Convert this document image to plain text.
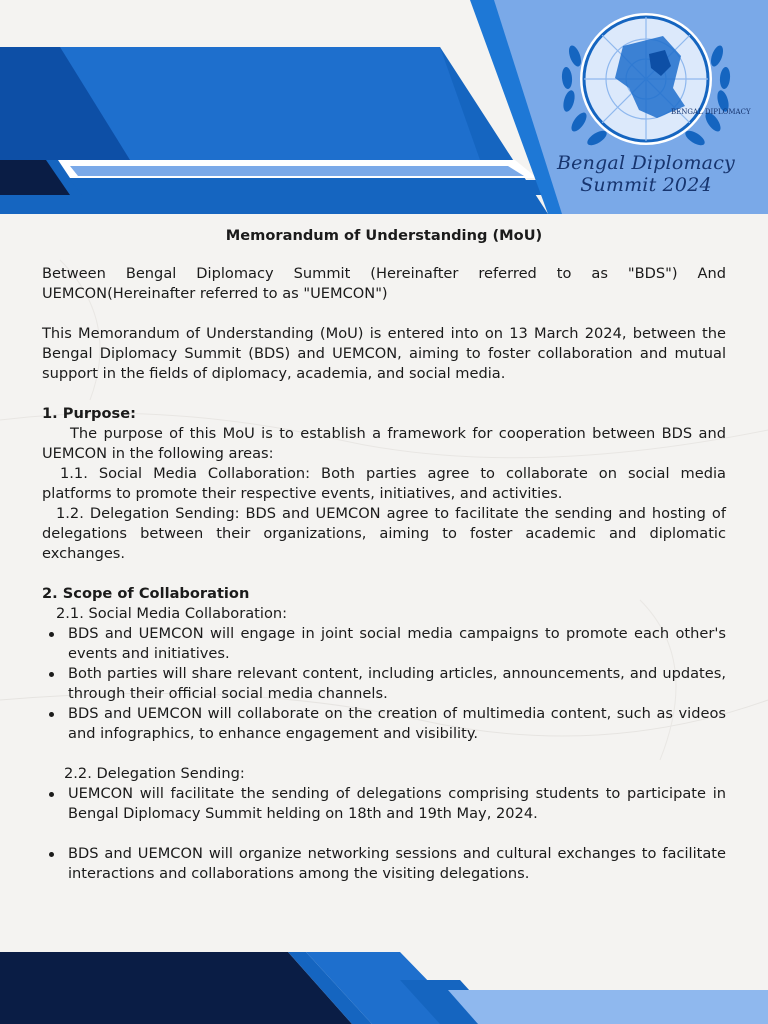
BENGAL DIPLOMACY
Bengal Diplomacy
Summit 2024

Memorandum of Understanding (MoU)

Between Bengal Diplomacy Summit (Hereinafter referred to as "BDS") And UEMCON(Hereinafter referred to as "UEMCON")

This Memorandum of Understanding (MoU) is entered into on 13 March 2024, between the Bengal Diplomacy Summit (BDS) and UEMCON, aiming to foster collaboration and mutual support in the fields of diplomacy, academia, and social media.

1. Purpose:

The purpose of this MoU is to establish a framework for cooperation between BDS and UEMCON in the following areas:

1.1. Social Media Collaboration: Both parties agree to collaborate on social media platforms to promote their respective events, initiatives, and activities.

1.2. Delegation Sending: BDS and UEMCON agree to facilitate the sending and hosting of delegations between their organizations, aiming to foster academic and diplomatic exchanges.

2. Scope of Collaboration

2.1. Social Media Collaboration:

BDS and UEMCON will engage in joint social media campaigns to promote each other's events and initiatives.
Both parties will share relevant content, including articles, announcements, and updates, through their official social media channels.
BDS and UEMCON will collaborate on the creation of multimedia content, such as videos and infographics, to enhance engagement and visibility.

2.2. Delegation Sending:

UEMCON will facilitate the sending of delegations comprising students to participate in Bengal Diplomacy Summit helding on 18th and 19th May, 2024.
BDS and UEMCON will organize networking sessions and cultural exchanges to facilitate interactions and collaborations among the visiting delegations.
